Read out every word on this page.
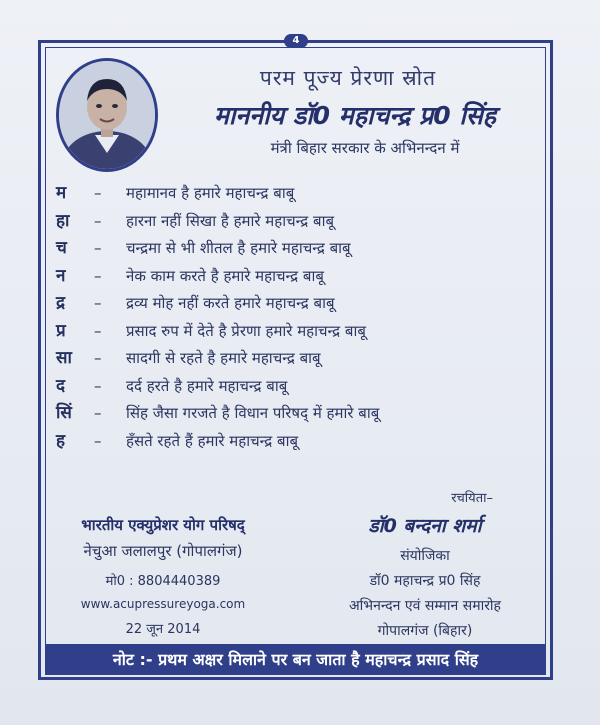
4
परम पूज्य प्रेरणा स्रोत
माननीय डॉ0 महाचन्द्र प्र0 सिंह
मंत्री बिहार सरकार के अभिनन्दन में
म	– महामानव है हमारे महाचन्द्र बाबू
हा	– हारना नहीं सिखा है हमारे महाचन्द्र बाबू
च	– चन्द्रमा से भी शीतल है हमारे महाचन्द्र बाबू
न	– नेक काम करते है हमारे महाचन्द्र बाबू
द्र	– द्रव्य मोह नहीं करते हमारे महाचन्द्र बाबू
प्र	– प्रसाद रुप में देते है प्रेरणा हमारे महाचन्द्र बाबू
सा	– सादगी से रहते है हमारे महाचन्द्र बाबू
द	– दर्द हरते है हमारे महाचन्द्र बाबू
सिं	– सिंह जैसा गरजते है विधान परिषद् में हमारे बाबू
ह	– हँसते रहते हैं हमारे महाचन्द्र बाबू
भारतीय एक्युप्रेशर योग परिषद्
नेचुआ जलालपुर (गोपालगंज)
मो0 : 8804440389
www.acupressureyoga.com
22 जून 2014
रचयिता–
डॉ0 बन्दना शर्मा
संयोजिका
डॉ0 महाचन्द्र प्र0 सिंह
अभिनन्दन एवं सम्मान समारोह
गोपालगंज (बिहार)
नोट :- प्रथम अक्षर मिलाने पर बन जाता है महाचन्द्र प्रसाद सिंह
